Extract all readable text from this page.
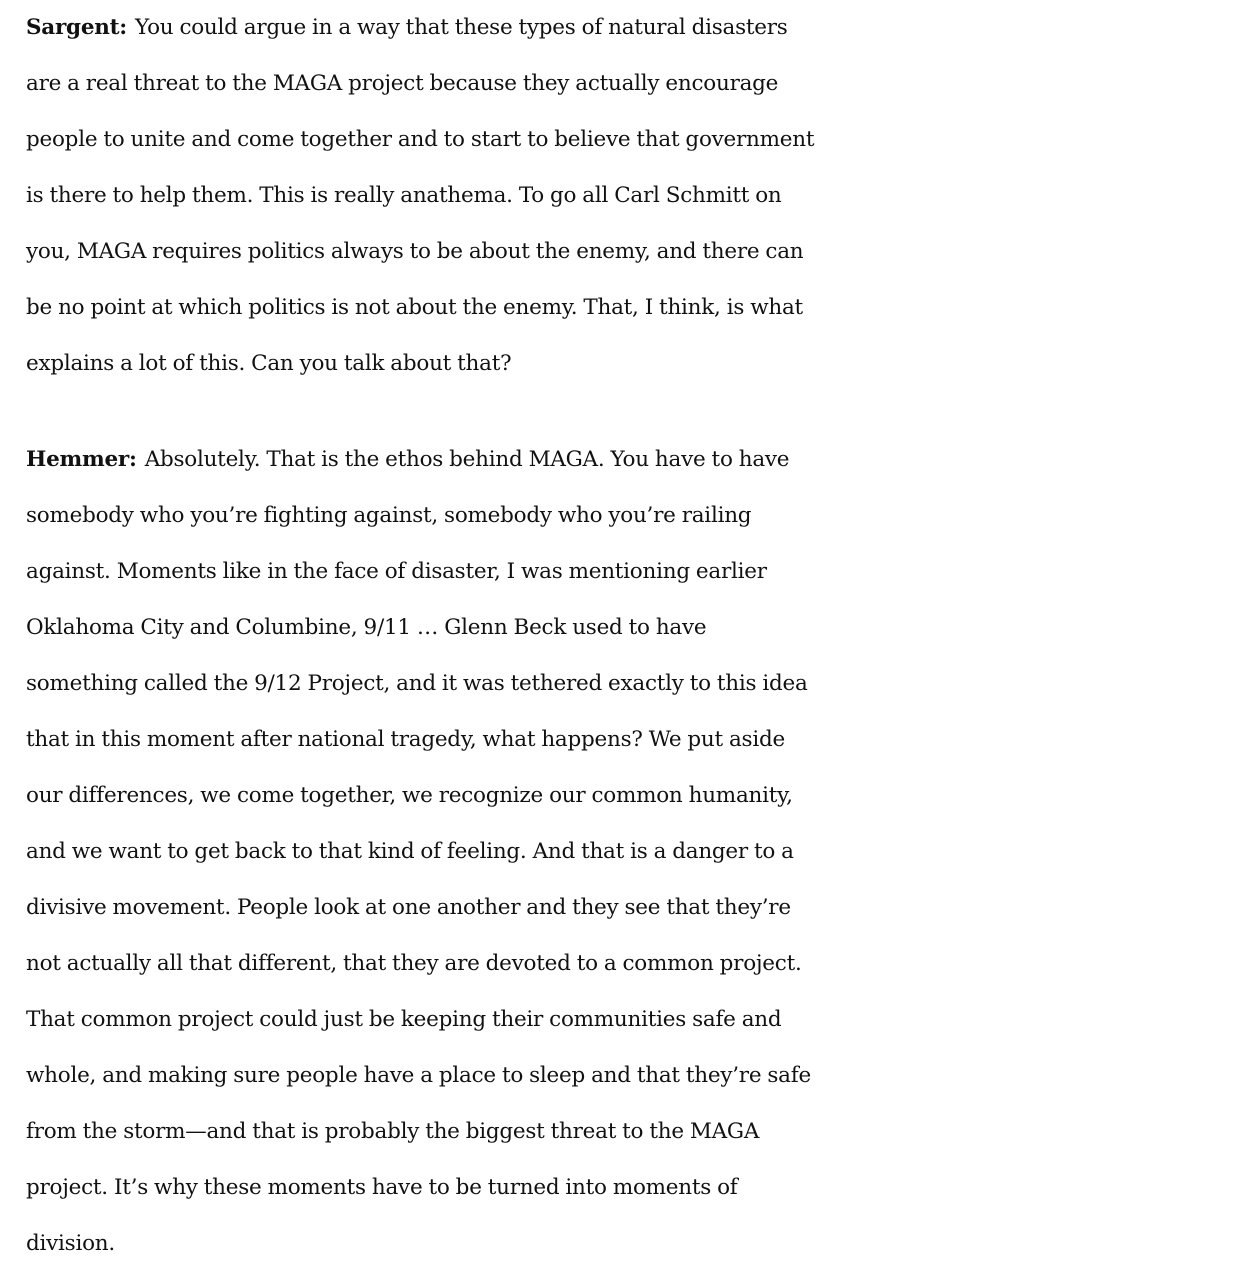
Sargent: You could argue in a way that these types of natural disasters
are a real threat to the MAGA project because they actually encourage
people to unite and come together and to start to believe that government
is there to help them. This is really anathema. To go all Carl Schmitt on
you, MAGA requires politics always to be about the enemy, and there can
be no point at which politics is not about the enemy. That, I think, is what
explains a lot of this. Can you talk about that?

Hemmer: Absolutely. That is the ethos behind MAGA. You have to have
somebody who you’re fighting against, somebody who you’re railing
against. Moments like in the face of disaster, I was mentioning earlier
Oklahoma City and Columbine, 9/11 … Glenn Beck used to have
something called the 9/12 Project, and it was tethered exactly to this idea
that in this moment after national tragedy, what happens? We put aside
our differences, we come together, we recognize our common humanity,
and we want to get back to that kind of feeling. And that is a danger to a
divisive movement. People look at one another and they see that they’re
not actually all that different, that they are devoted to a common project.
That common project could just be keeping their communities safe and
whole, and making sure people have a place to sleep and that they’re safe
from the storm—and that is probably the biggest threat to the MAGA
project. It’s why these moments have to be turned into moments of
division.
